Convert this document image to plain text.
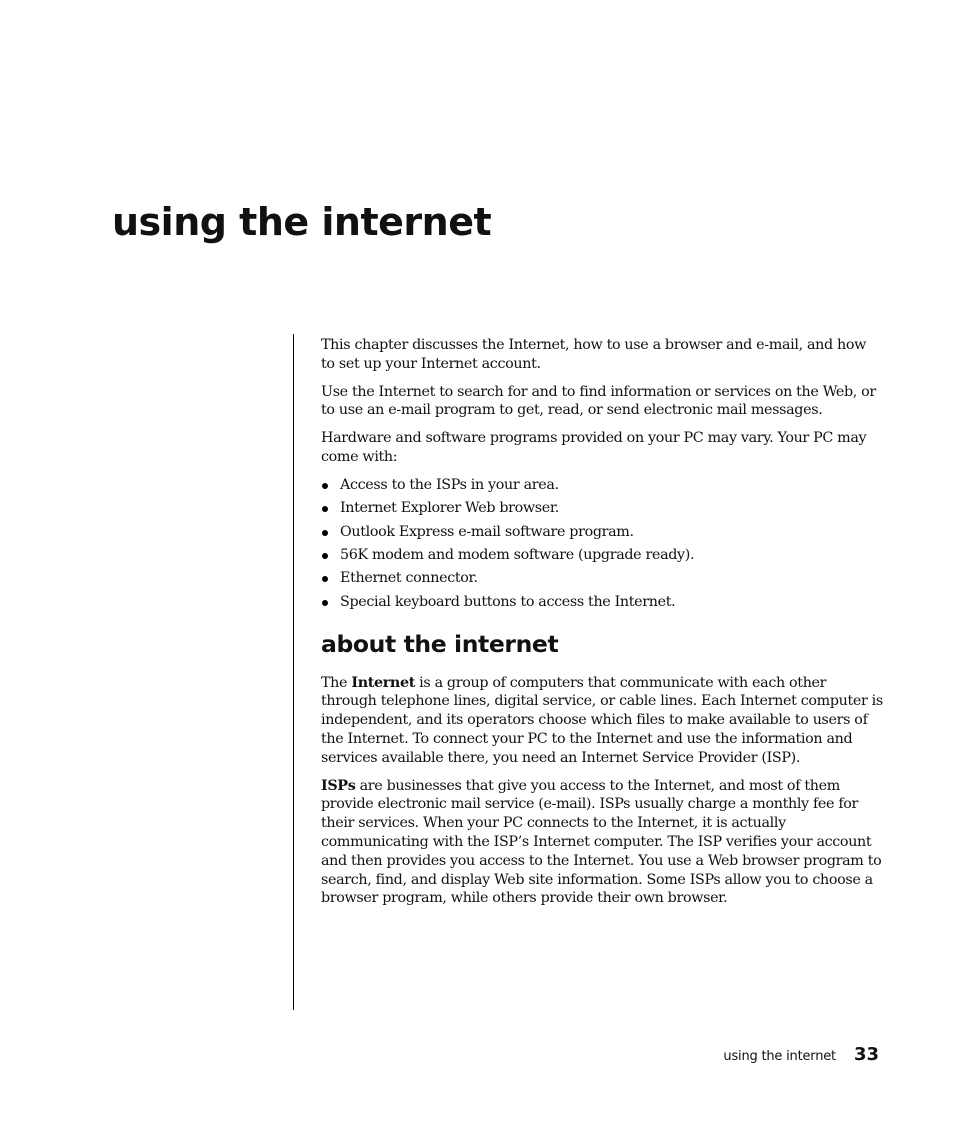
using the internet

This chapter discusses the Internet, how to use a browser and e-mail, and how to set up your Internet account.

Use the Internet to search for and to find information or services on the Web, or to use an e-mail program to get, read, or send electronic mail messages.

Hardware and software programs provided on your PC may vary. Your PC may come with:

Access to the ISPs in your area.
Internet Explorer Web browser.
Outlook Express e-mail software program.
56K modem and modem software (upgrade ready).
Ethernet connector.
Special keyboard buttons to access the Internet.
about the internet

The Internet is a group of computers that communicate with each other through telephone lines, digital service, or cable lines. Each Internet computer is independent, and its operators choose which files to make available to users of the Internet. To connect your PC to the Internet and use the information and services available there, you need an Internet Service Provider (ISP).

ISPs are businesses that give you access to the Internet, and most of them provide electronic mail service (e-mail). ISPs usually charge a monthly fee for their services. When your PC connects to the Internet, it is actually communicating with the ISP’s Internet computer. The ISP verifies your account and then provides you access to the Internet. You use a Web browser program to search, find, and display Web site information. Some ISPs allow you to choose a browser program, while others provide their own browser.

using the internet 33
